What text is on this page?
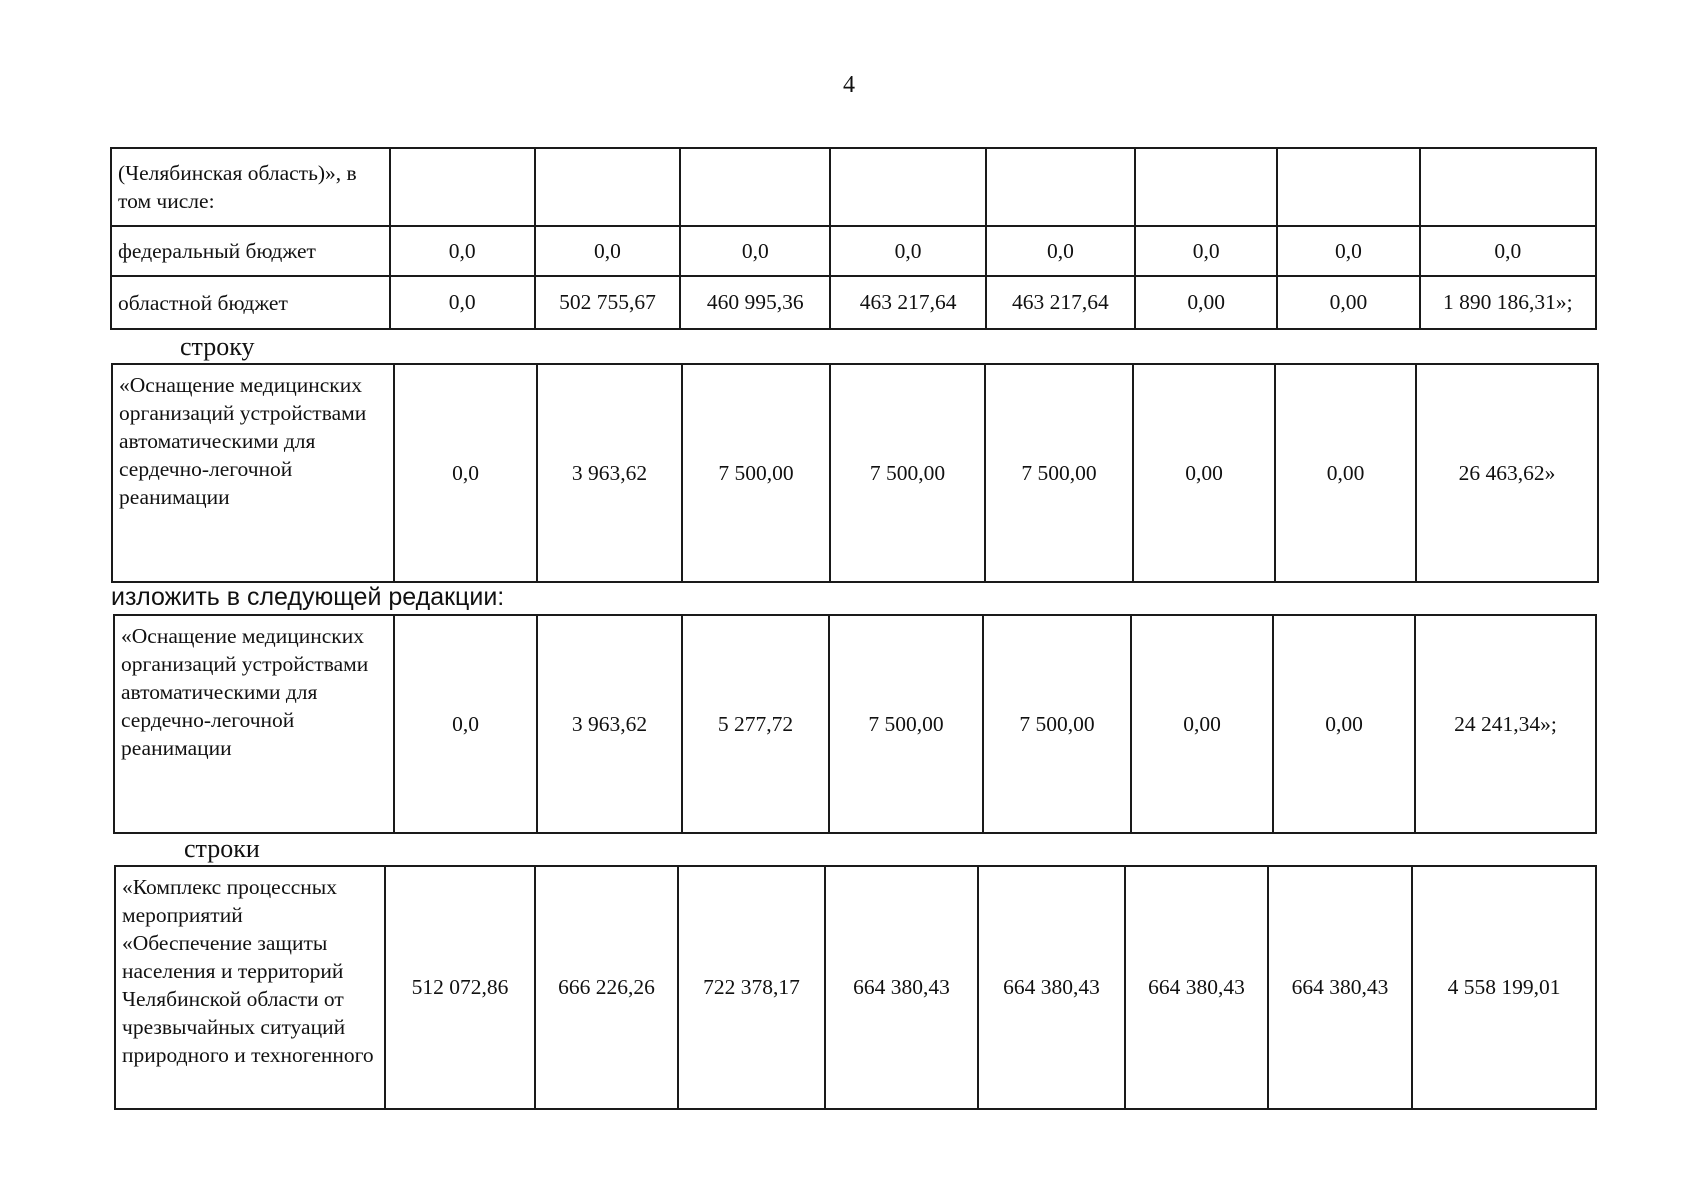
4
(Челябинская область)», в том числе:								
федеральный бюджет	0,0	0,0	0,0	0,0	0,0	0,0	0,0	0,0
областной бюджет	0,0	502 755,67	460 995,36	463 217,64	463 217,64	0,00	0,00	1 890 186,31»;
строку
«Оснащение медицинских организаций устройствами автоматическими для сердечно-легочной реанимации	0,0	3 963,62	7 500,00	7 500,00	7 500,00	0,00	0,00	26 463,62»
изложить в следующей редакции:
«Оснащение медицинских организаций устройствами автоматическими для сердечно-легочной реанимации	0,0	3 963,62	5 277,72	7 500,00	7 500,00	0,00	0,00	24 241,34»;
строки
«Комплекс процессных мероприятий «Обеспечение защиты населения и территорий Челябинской области от чрезвычайных ситуаций природного и техногенного	512 072,86	666 226,26	722 378,17	664 380,43	664 380,43	664 380,43	664 380,43	4 558 199,01
